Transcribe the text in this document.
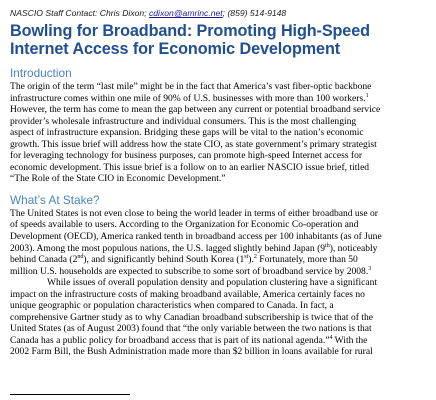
NASCIO Staff Contact: Chris Dixon; cdixon@amrinc.net; (859) 514-9148
Bowling for Broadband: Promoting High-Speed
Internet Access for Economic Development
Introduction
The origin of the term “last mile” might be in the fact that America’s vast fiber-optic backbone
infrastructure comes within one mile of 90% of U.S. businesses with more than 100 workers.$^1$
However, the term has come to mean the gap between any current or potential broadband service
provider’s wholesale infrastructure and individual consumers. This is the most challenging
aspect of infrastructure expansion. Bridging these gaps will be vital to the nation’s economic
growth. This issue brief will address how the state CIO, as state government’s primary strategist
for leveraging technology for business purposes, can promote high-speed Internet access for
economic development. This issue brief is a follow on to an earlier NASCIO issue brief, titled
“The Role of the State CIO in Economic Development.”
What’s At Stake?
The United States is not even close to being the world leader in terms of either broadband use or
of speeds available to users. According to the Organization for Economic Co-operation and
Development (OECD), America ranked tenth in broadband access per 100 inhabitants (as of June
2003). Among the most populous nations, the U.S. lagged slightly behind Japan (9th), noticeably
behind Canada (2nd), and significantly behind South Korea (1st).$^2$ Fortunately, more than 50
million U.S. households are expected to subscribe to some sort of broadband service by 2008.$^3$
While issues of overall population density and population clustering have a significant
impact on the infrastructure costs of making broadband available, America certainly faces no
unique geographic or population characteristics when compared to Canada. In fact, a
comprehensive Gartner study as to why Canadian broadband subscribership is twice that of the
United States (as of August 2003) found that “the only variable between the two nations is that
Canada has a public policy for broadband access that is part of its national agenda.”$^4$ With the
2002 Farm Bill, the Bush Administration made more than $2 billion in loans available for rural
